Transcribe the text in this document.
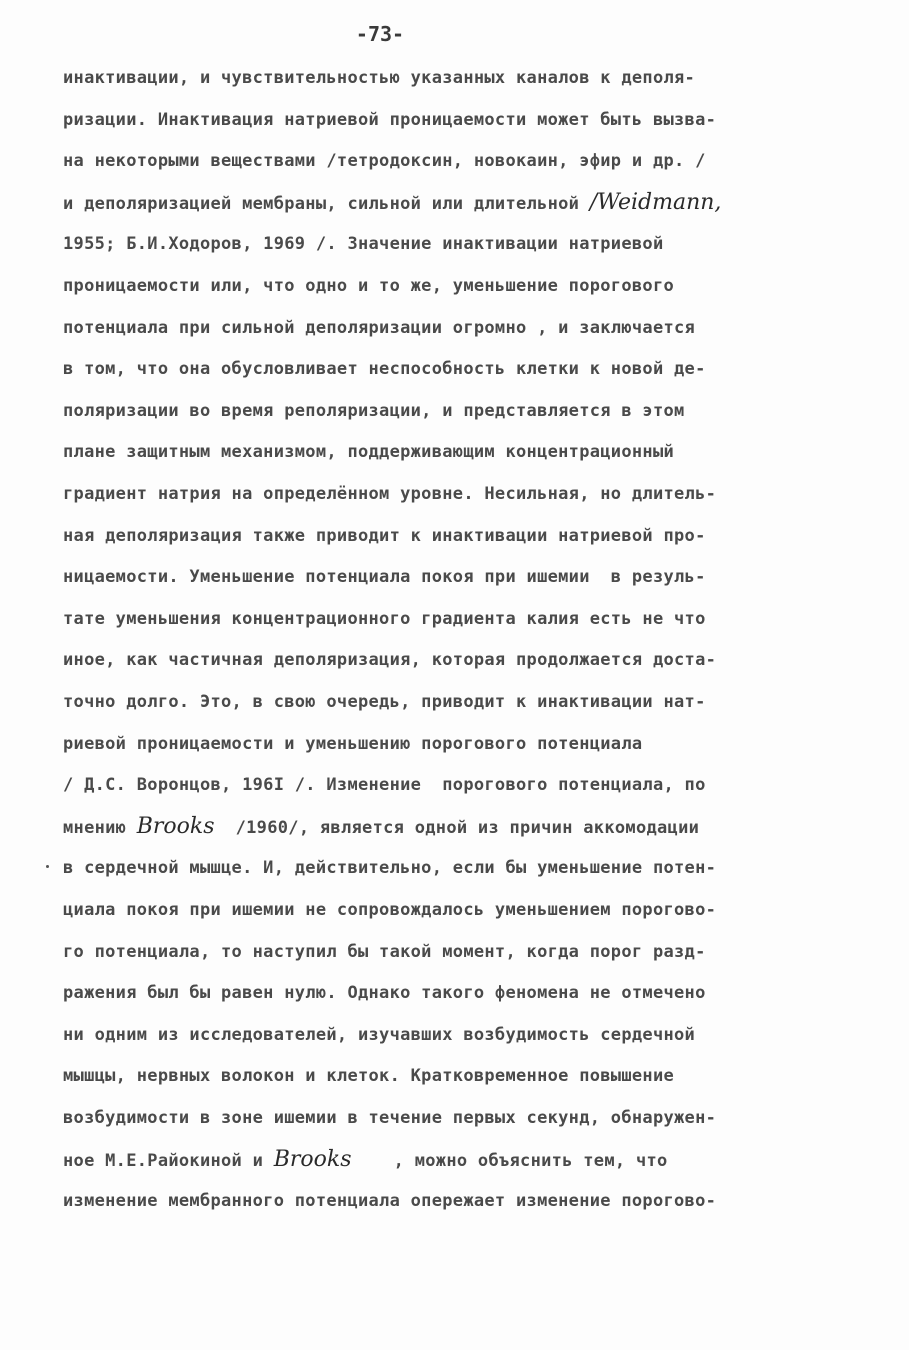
-73-
инактивации, и чувствительностью указанных каналов к деполя-
ризации. Инактивация натриевой проницаемости может быть вызва-
на некоторыми веществами /тетродоксин, новокаин, эфир и др. /
и деполяризацией мембраны, сильной или длительной /Weidmann,
1955; Б.И.Ходоров, 1969 /. Значение инактивации натриевой
проницаемости или, что одно и то же, уменьшение порогового
потенциала при сильной деполяризации огромно , и заключается
в том, что она обусловливает неспособность клетки к новой де-
поляризации во время реполяризации, и представляется в этом
плане защитным механизмом, поддерживающим концентрационный
градиент натрия на определённом уровне. Несильная, но длитель-
ная деполяризация также приводит к инактивации натриевой про-
ницаемости. Уменьшение потенциала покоя при ишемии  в резуль-
тате уменьшения концентрационного градиента калия есть не что
иное, как частичная деполяризация, которая продолжается доста-
точно долго. Это, в свою очередь, приводит к инактивации нат-
риевой проницаемости и уменьшению порогового потенциала
/ Д.С. Воронцов, 196I /. Изменение  порогового потенциала, по
мнению Brooks  /1960/, является одной из причин аккомодации
в сердечной мышце. И, действительно, если бы уменьшение потен-
циала покоя при ишемии не сопровождалось уменьшением порогово-
го потенциала, то наступил бы такой момент, когда порог разд-
ражения был бы равен нулю. Однако такого феномена не отмечено
ни одним из исследователей, изучавших возбудимость сердечной
мышцы, нервных волокон и клеток. Кратковременное повышение
возбудимости в зоне ишемии в течение первых секунд, обнаружен-
ное М.Е.Райокиной и Brooks    , можно объяснить тем, что
изменение мембранного потенциала опережает изменение порогово-
